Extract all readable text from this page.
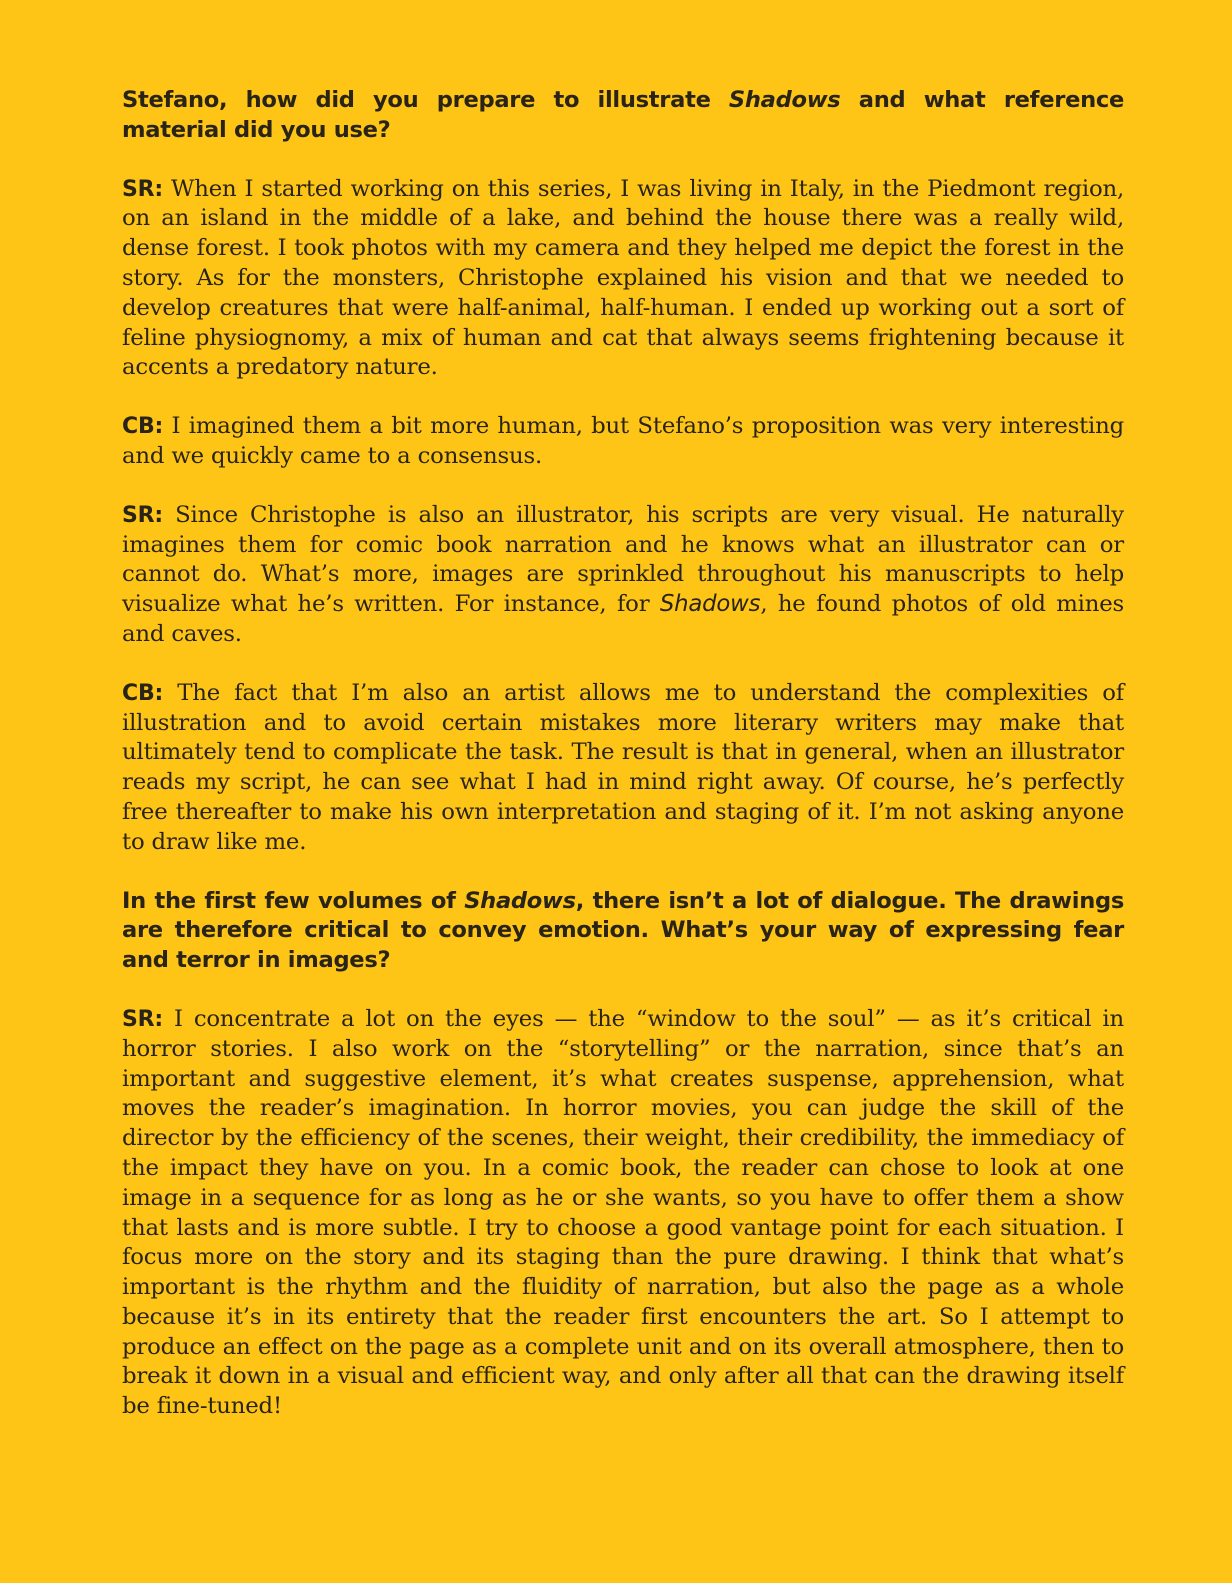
Stefano, how did you prepare to illustrate Shadows and what reference material did you use?

SR: When I started working on this series, I was living in Italy, in the Piedmont region, on an island in the middle of a lake, and behind the house there was a really wild, dense forest. I took photos with my camera and they helped me depict the forest in the story. As for the monsters, Christophe explained his vision and that we needed to develop creatures that were half-animal, half-human. I ended up working out a sort of feline physiognomy, a mix of human and cat that always seems frightening because it accents a predatory nature.

CB: I imagined them a bit more human, but Stefano’s proposition was very interesting and we quickly came to a consensus.

SR: Since Christophe is also an illustrator, his scripts are very visual. He naturally imagines them for comic book narration and he knows what an illustrator can or cannot do. What’s more, images are sprinkled throughout his manuscripts to help visualize what he’s written. For instance, for Shadows, he found photos of old mines and caves.

CB: The fact that I’m also an artist allows me to understand the complexities of illustration and to avoid certain mistakes more literary writers may make that ultimately tend to complicate the task. The result is that in general, when an illustrator reads my script, he can see what I had in mind right away. Of course, he’s perfectly free thereafter to make his own interpretation and staging of it. I’m not asking anyone to draw like me.

In the first few volumes of Shadows, there isn’t a lot of dialogue. The drawings are therefore critical to convey emotion. What’s your way of expressing fear and terror in images?

SR: I concentrate a lot on the eyes — the “window to the soul” — as it’s critical in horror stories. I also work on the “storytelling” or the narration, since that’s an important and suggestive element, it’s what creates suspense, apprehension, what moves the reader’s imagination. In horror movies, you can judge the skill of the director by the efficiency of the scenes, their weight, their credibility, the immediacy of the impact they have on you. In a comic book, the reader can chose to look at one image in a sequence for as long as he or she wants, so you have to offer them a show that lasts and is more subtle. I try to choose a good vantage point for each situation. I focus more on the story and its staging than the pure drawing. I think that what’s important is the rhythm and the fluidity of narration, but also the page as a whole because it’s in its entirety that the reader first encounters the art. So I attempt to produce an effect on the page as a complete unit and on its overall atmosphere, then to break it down in a visual and efficient way, and only after all that can the drawing itself be fine-tuned!
